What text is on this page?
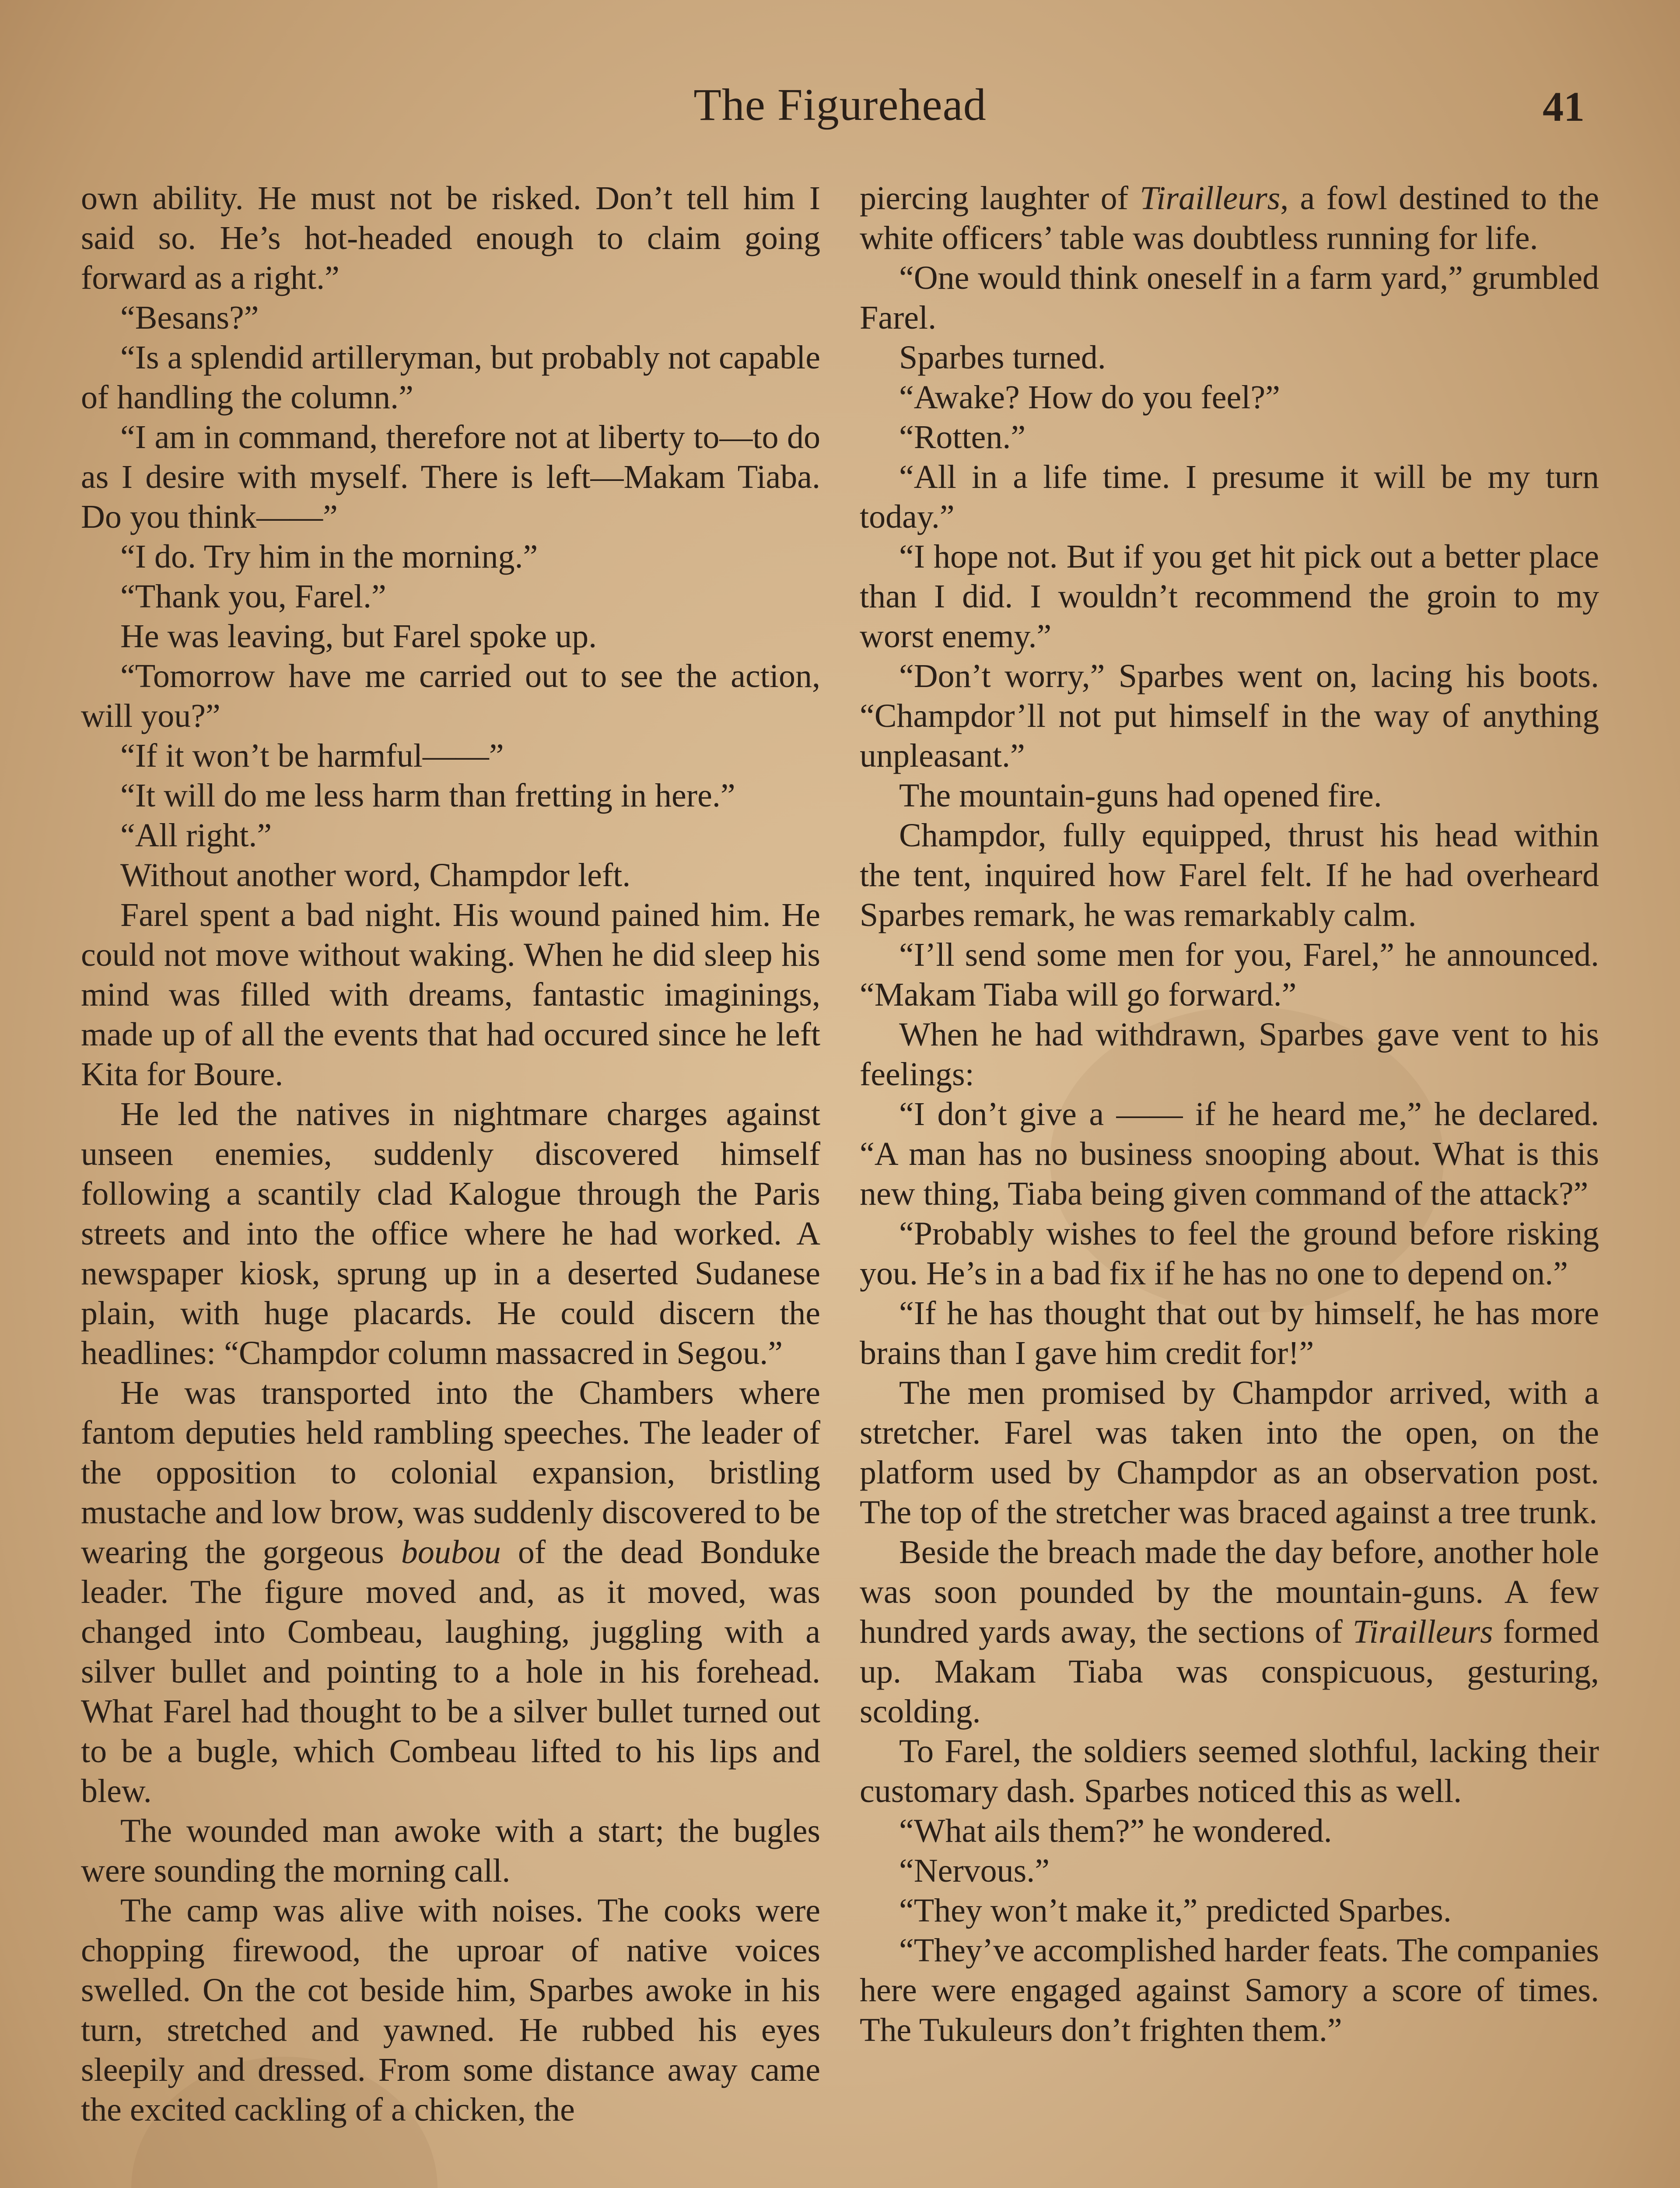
The Figurehead	41

own ability. He must not be risked. Don’t tell him I said so. He’s hot-headed enough to claim going forward as a right.”

“Besans?”

“Is a splendid artilleryman, but probably not capable of handling the column.”

“I am in command, therefore not at liberty to—to do as I desire with myself. There is left—Makam Tiaba. Do you think——”

“I do. Try him in the morning.”

“Thank you, Farel.”

He was leaving, but Farel spoke up.

“Tomorrow have me carried out to see the action, will you?”

“If it won’t be harmful——”

“It will do me less harm than fretting in here.”

“All right.”

Without another word, Champdor left.

Farel spent a bad night. His wound pained him. He could not move without waking. When he did sleep his mind was filled with dreams, fantastic imaginings, made up of all the events that had occured since he left Kita for Boure.

He led the natives in nightmare charges against unseen enemies, suddenly discovered himself following a scantily clad Kalogue through the Paris streets and into the office where he had worked. A newspaper kiosk, sprung up in a deserted Sudanese plain, with huge placards. He could discern the headlines: “Champdor column massacred in Segou.”

He was transported into the Chambers where fantom deputies held rambling speeches. The leader of the opposition to colonial expansion, bristling mustache and low brow, was suddenly discovered to be wearing the gorgeous boubou of the dead Bonduke leader. The figure moved and, as it moved, was changed into Combeau, laughing, juggling with a silver bullet and pointing to a hole in his forehead. What Farel had thought to be a silver bullet turned out to be a bugle, which Combeau lifted to his lips and blew.

The wounded man awoke with a start; the bugles were sounding the morning call.

The camp was alive with noises. The cooks were chopping firewood, the uproar of native voices swelled. On the cot beside him, Sparbes awoke in his turn, stretched and yawned. He rubbed his eyes sleepily and dressed. From some distance away came the excited cackling of a chicken, the

piercing laughter of Tirailleurs, a fowl destined to the white officers’ table was doubtless running for life.

“One would think oneself in a farm yard,” grumbled Farel.

Sparbes turned.

“Awake? How do you feel?”

“Rotten.”

“All in a life time. I presume it will be my turn today.”

“I hope not. But if you get hit pick out a better place than I did. I wouldn’t recommend the groin to my worst enemy.”

“Don’t worry,” Sparbes went on, lacing his boots. “Champdor’ll not put himself in the way of anything unpleasant.”

The mountain-guns had opened fire.

Champdor, fully equipped, thrust his head within the tent, inquired how Farel felt. If he had overheard Sparbes remark, he was remarkably calm.

“I’ll send some men for you, Farel,” he announced. “Makam Tiaba will go forward.”

When he had withdrawn, Sparbes gave vent to his feelings:

“I don’t give a —— if he heard me,” he declared. “A man has no business snooping about. What is this new thing, Tiaba being given command of the attack?”

“Probably wishes to feel the ground before risking you. He’s in a bad fix if he has no one to depend on.”

“If he has thought that out by himself, he has more brains than I gave him credit for!”

The men promised by Champdor arrived, with a stretcher. Farel was taken into the open, on the platform used by Champdor as an observation post. The top of the stretcher was braced against a tree trunk.

Beside the breach made the day before, another hole was soon pounded by the mountain-guns. A few hundred yards away, the sections of Tirailleurs formed up. Makam Tiaba was conspicuous, gesturing, scolding.

To Farel, the soldiers seemed slothful, lacking their customary dash. Sparbes noticed this as well.

“What ails them?” he wondered.

“Nervous.”

“They won’t make it,” predicted Sparbes.

“They’ve accomplished harder feats. The companies here were engaged against Samory a score of times. The Tukuleurs don’t frighten them.”
